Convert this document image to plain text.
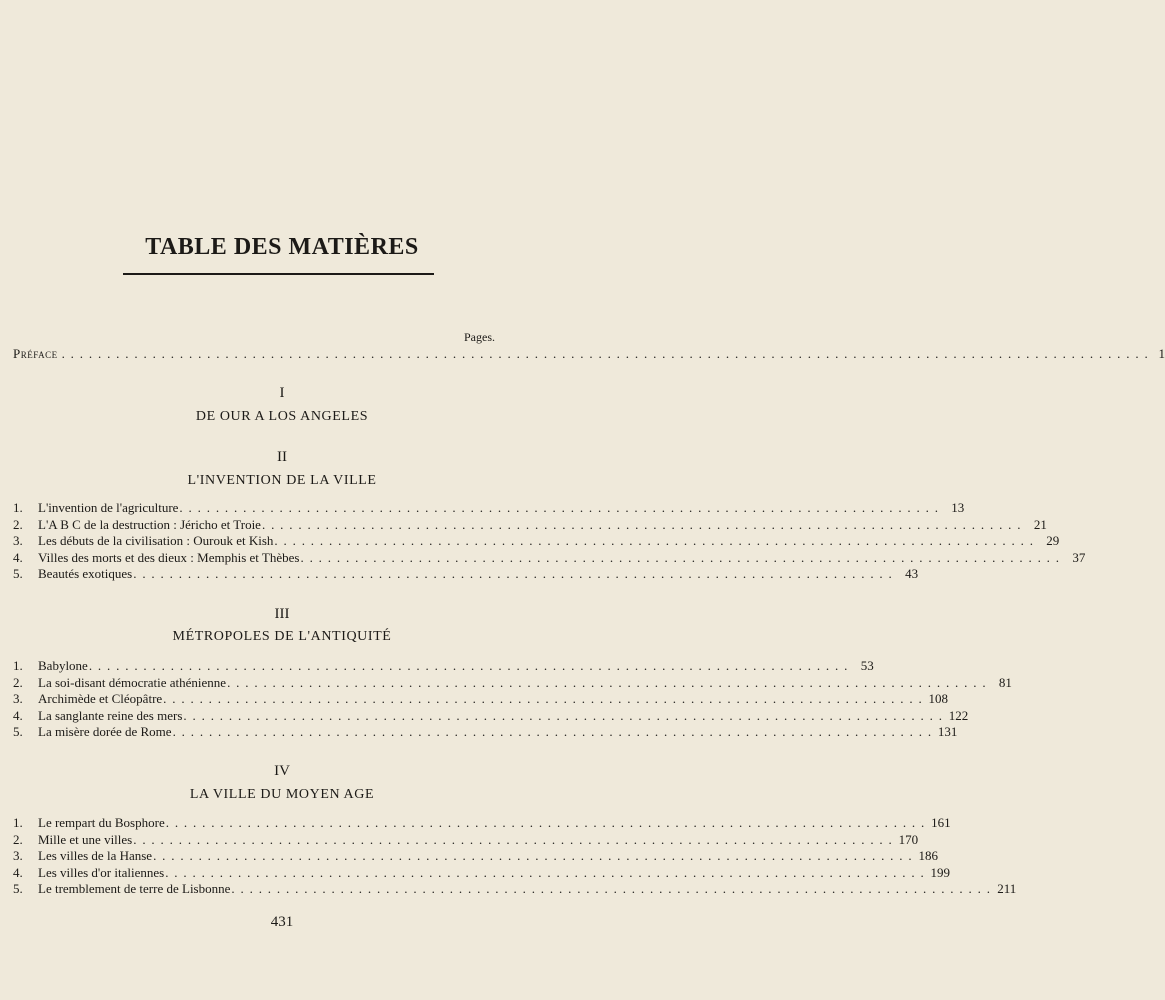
TABLE DES MATIÈRES
Pages.
Préface . . . . . . . . . . . . . . . . . . . . . . . . . . . . . . . . . . . . . . . . . . . . . . . . . . . . . . . . . . . . . . . . . . . . . . . . . . . . . . . . . . . . . . . . . . . . . . . . . . . . . . . . . . . . . . . . . . . . . . . . 1
I
DE OUR A LOS ANGELES
II
L'INVENTION DE LA VILLE
1.	L'invention de l'agriculture . . . . . . . . . . . . . . . . . . . . . . . . . . . . . . . . . . . . . . . . . . . . . . . . . . . . . . . . . . . . . . . . . . . . . . . . . . . . . . . . . . . . 13
2.	L'A B C de la destruction : Jéricho et Troie . . . . . . . . . . . . . . . . . . . . . . . . . . . . . . . . . . . . . . . . . . . . . . . . . . . . . . . . . . . . . . . . . . . . . . . . . . . . . . . . . . . . 21
3.	Les débuts de la civilisation : Ourouk et Kish . . . . . . . . . . . . . . . . . . . . . . . . . . . . . . . . . . . . . . . . . . . . . . . . . . . . . . . . . . . . . . . . . . . . . . . . . . . . . . . . . . . . 29
4.	Villes des morts et des dieux : Memphis et Thèbes . . . . . . . . . . . . . . . . . . . . . . . . . . . . . . . . . . . . . . . . . . . . . . . . . . . . . . . . . . . . . . . . . . . . . . . . . . . . . . . . . . . . 37
5.	Beautés exotiques . . . . . . . . . . . . . . . . . . . . . . . . . . . . . . . . . . . . . . . . . . . . . . . . . . . . . . . . . . . . . . . . . . . . . . . . . . . . . . . . . . . . 43
III
MÉTROPOLES DE L'ANTIQUITÉ
1.	Babylone . . . . . . . . . . . . . . . . . . . . . . . . . . . . . . . . . . . . . . . . . . . . . . . . . . . . . . . . . . . . . . . . . . . . . . . . . . . . . . . . . . . . 53
2.	La soi-disant démocratie athénienne . . . . . . . . . . . . . . . . . . . . . . . . . . . . . . . . . . . . . . . . . . . . . . . . . . . . . . . . . . . . . . . . . . . . . . . . . . . . . . . . . . . . 81
3.	Archimède et Cléopâtre . . . . . . . . . . . . . . . . . . . . . . . . . . . . . . . . . . . . . . . . . . . . . . . . . . . . . . . . . . . . . . . . . . . . . . . . . . . . . . . . . . . . 108
4.	La sanglante reine des mers . . . . . . . . . . . . . . . . . . . . . . . . . . . . . . . . . . . . . . . . . . . . . . . . . . . . . . . . . . . . . . . . . . . . . . . . . . . . . . . . . . . . 122
5.	La misère dorée de Rome . . . . . . . . . . . . . . . . . . . . . . . . . . . . . . . . . . . . . . . . . . . . . . . . . . . . . . . . . . . . . . . . . . . . . . . . . . . . . . . . . . . . 131
IV
LA VILLE DU MOYEN AGE
1.	Le rempart du Bosphore . . . . . . . . . . . . . . . . . . . . . . . . . . . . . . . . . . . . . . . . . . . . . . . . . . . . . . . . . . . . . . . . . . . . . . . . . . . . . . . . . . . . 161
2.	Mille et une villes . . . . . . . . . . . . . . . . . . . . . . . . . . . . . . . . . . . . . . . . . . . . . . . . . . . . . . . . . . . . . . . . . . . . . . . . . . . . . . . . . . . . 170
3.	Les villes de la Hanse . . . . . . . . . . . . . . . . . . . . . . . . . . . . . . . . . . . . . . . . . . . . . . . . . . . . . . . . . . . . . . . . . . . . . . . . . . . . . . . . . . . . 186
4.	Les villes d'or italiennes . . . . . . . . . . . . . . . . . . . . . . . . . . . . . . . . . . . . . . . . . . . . . . . . . . . . . . . . . . . . . . . . . . . . . . . . . . . . . . . . . . . . 199
5.	Le tremblement de terre de Lisbonne . . . . . . . . . . . . . . . . . . . . . . . . . . . . . . . . . . . . . . . . . . . . . . . . . . . . . . . . . . . . . . . . . . . . . . . . . . . . . . . . . . . . 211
431
